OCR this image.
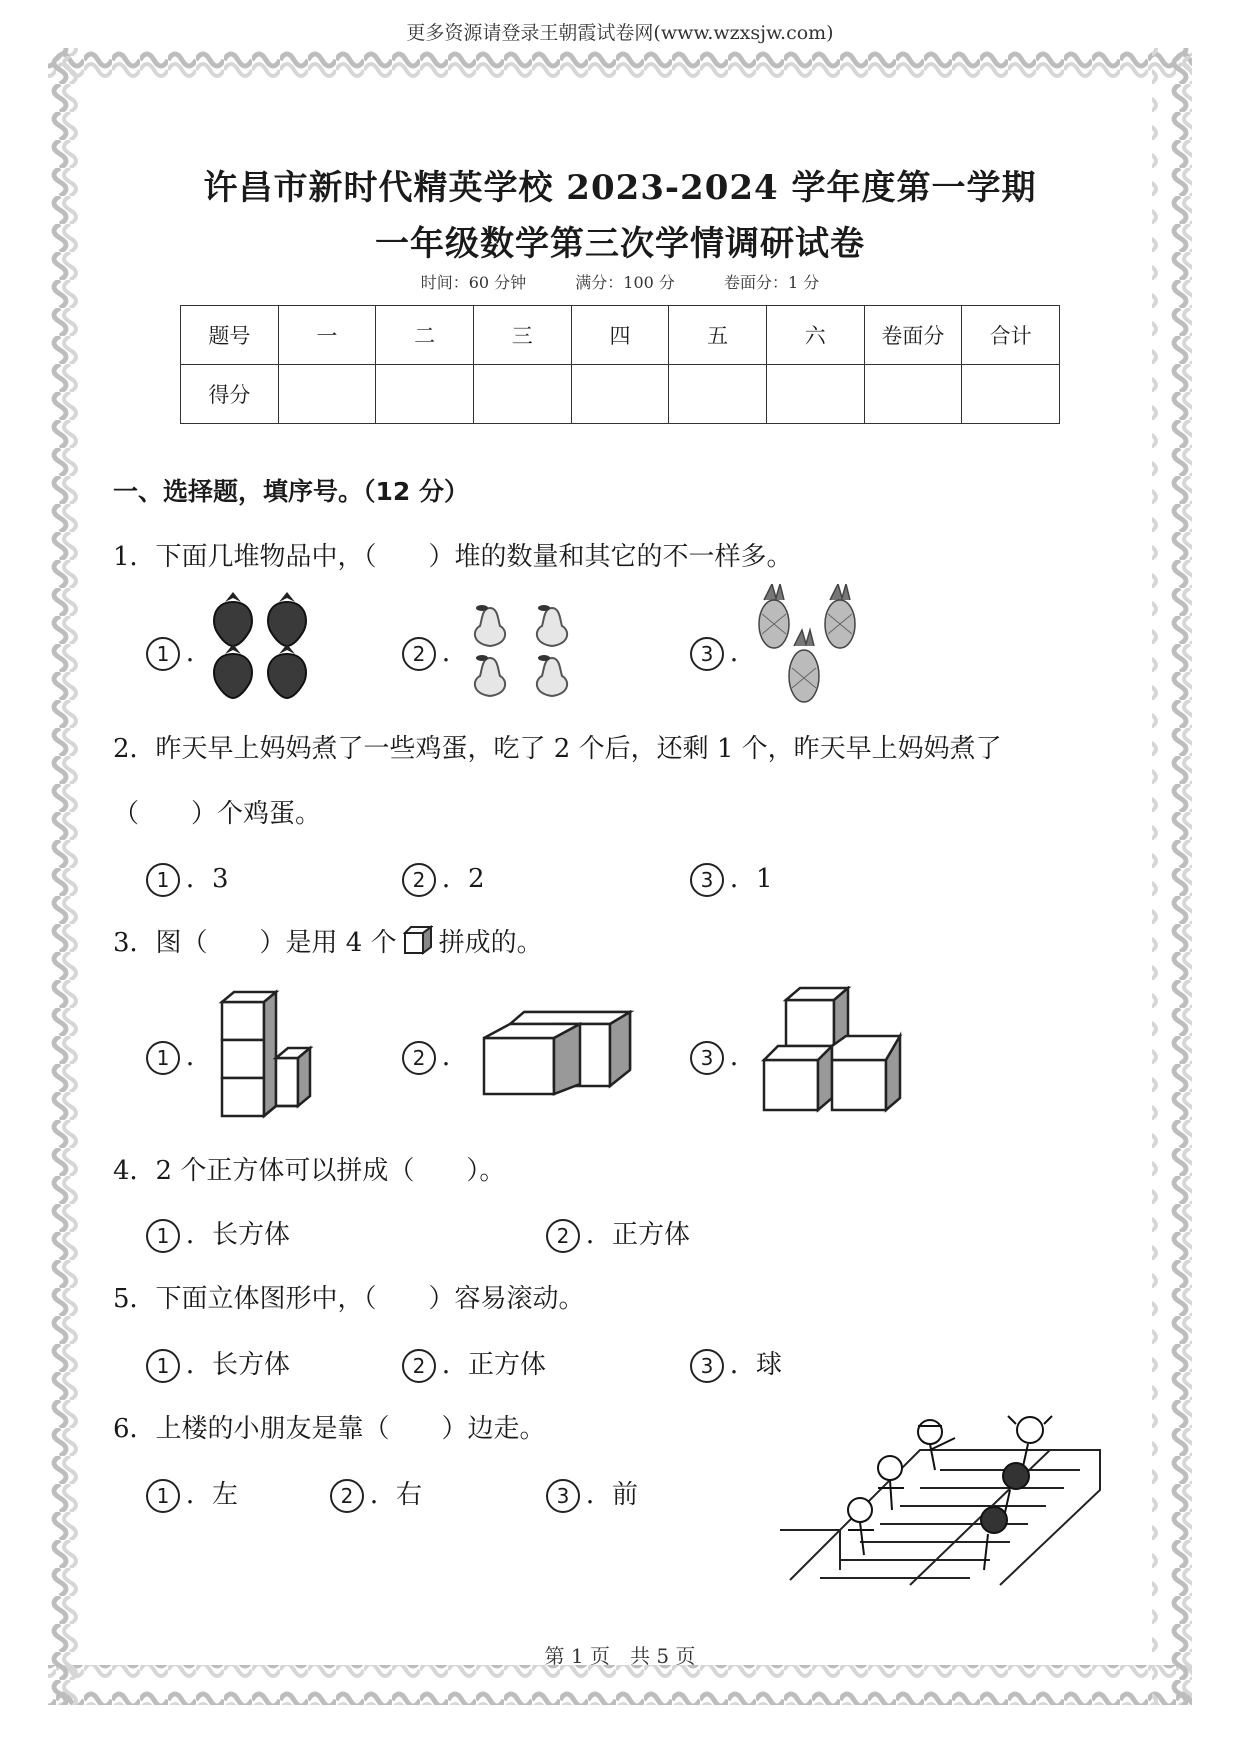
更多资源请登录王朝霞试卷网(www.wzxsjw.com)
许昌市新时代精英学校 2023-2024 学年度第一学期
一年级数学第三次学情调研试卷
时间：60 分钟	满分：100 分	卷面分：1 分
题号	一	二	三	四	五	六	卷面分	合计
得分								
一、选择题，填序号。（12 分）
1．下面几堆物品中，（　　）堆的数量和其它的不一样多。
1 ．	2 ．	3 ．
2．昨天早上妈妈煮了一些鸡蛋，吃了 2 个后，还剩 1 个，昨天早上妈妈煮了
（　　）个鸡蛋。
1 ．3	2 ．2	3 ．1
3．图（　　）是用 4 个 拼成的。
1 ．	2 ．	3 ．
4．2 个正方体可以拼成（　　）。
1 ．长方体	2 ．正方体
5．下面立体图形中，（　　）容易滚动。
1 ．长方体	2 ．正方体	3 ．球
6．上楼的小朋友是靠（　　）边走。
1 ．左	2 ．右	3 ．前
第 1 页　共 5 页
